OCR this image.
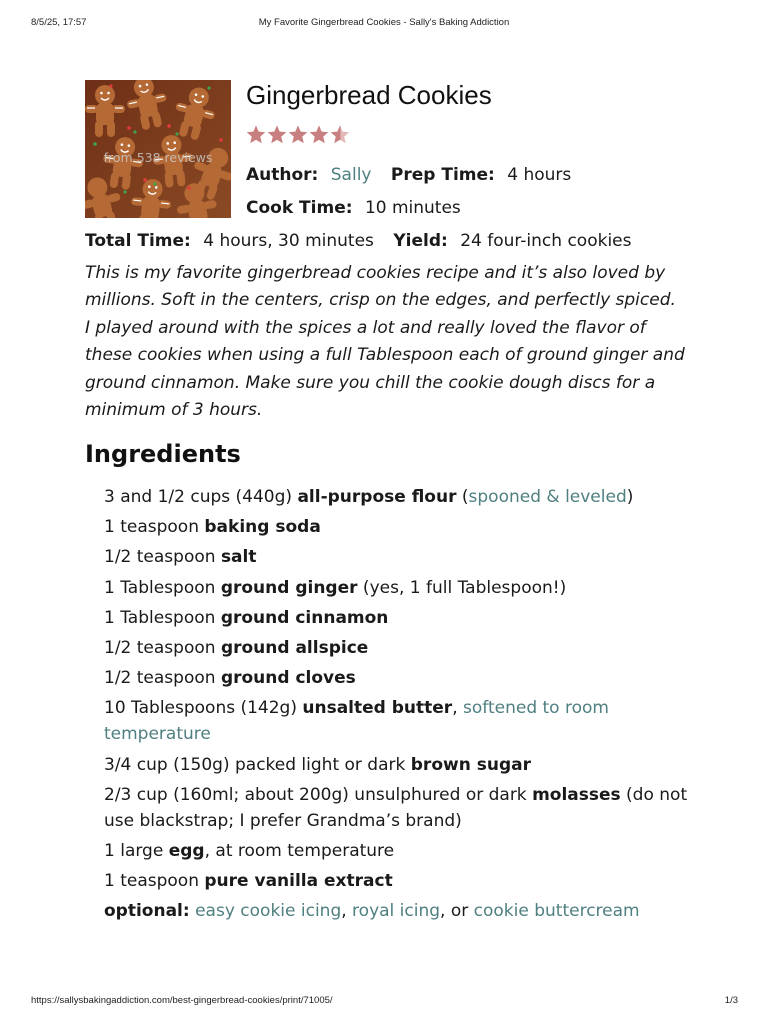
8/5/25, 17:57	My Favorite Gingerbread Cookies - Sally's Baking Addiction
from 538 reviews
Gingerbread Cookies
Author: Sally Prep Time: 4 hours
Cook Time: 10 minutes
Total Time: 4 hours, 30 minutes Yield: 24 four-inch cookies

This is my favorite gingerbread cookies recipe and it’s also loved by millions. Soft in the centers, crisp on the edges, and perfectly spiced. I played around with the spices a lot and really loved the flavor of these cookies when using a full Tablespoon each of ground ginger and ground cinnamon. Make sure you chill the cookie dough discs for a minimum of 3 hours.

Ingredients
3 and 1/2 cups (440g) all-purpose flour (spooned & leveled)
1 teaspoon baking soda
1/2 teaspoon salt
1 Tablespoon ground ginger (yes, 1 full Tablespoon!)
1 Tablespoon ground cinnamon
1/2 teaspoon ground allspice
1/2 teaspoon ground cloves
10 Tablespoons (142g) unsalted butter, softened to room temperature
3/4 cup (150g) packed light or dark brown sugar
2/3 cup (160ml; about 200g) unsulphured or dark molasses (do not use blackstrap; I prefer Grandma’s brand)
1 large egg, at room temperature
1 teaspoon pure vanilla extract
optional: easy cookie icing, royal icing, or cookie buttercream
https://sallysbakingaddiction.com/best-gingerbread-cookies/print/71005/	1/3
